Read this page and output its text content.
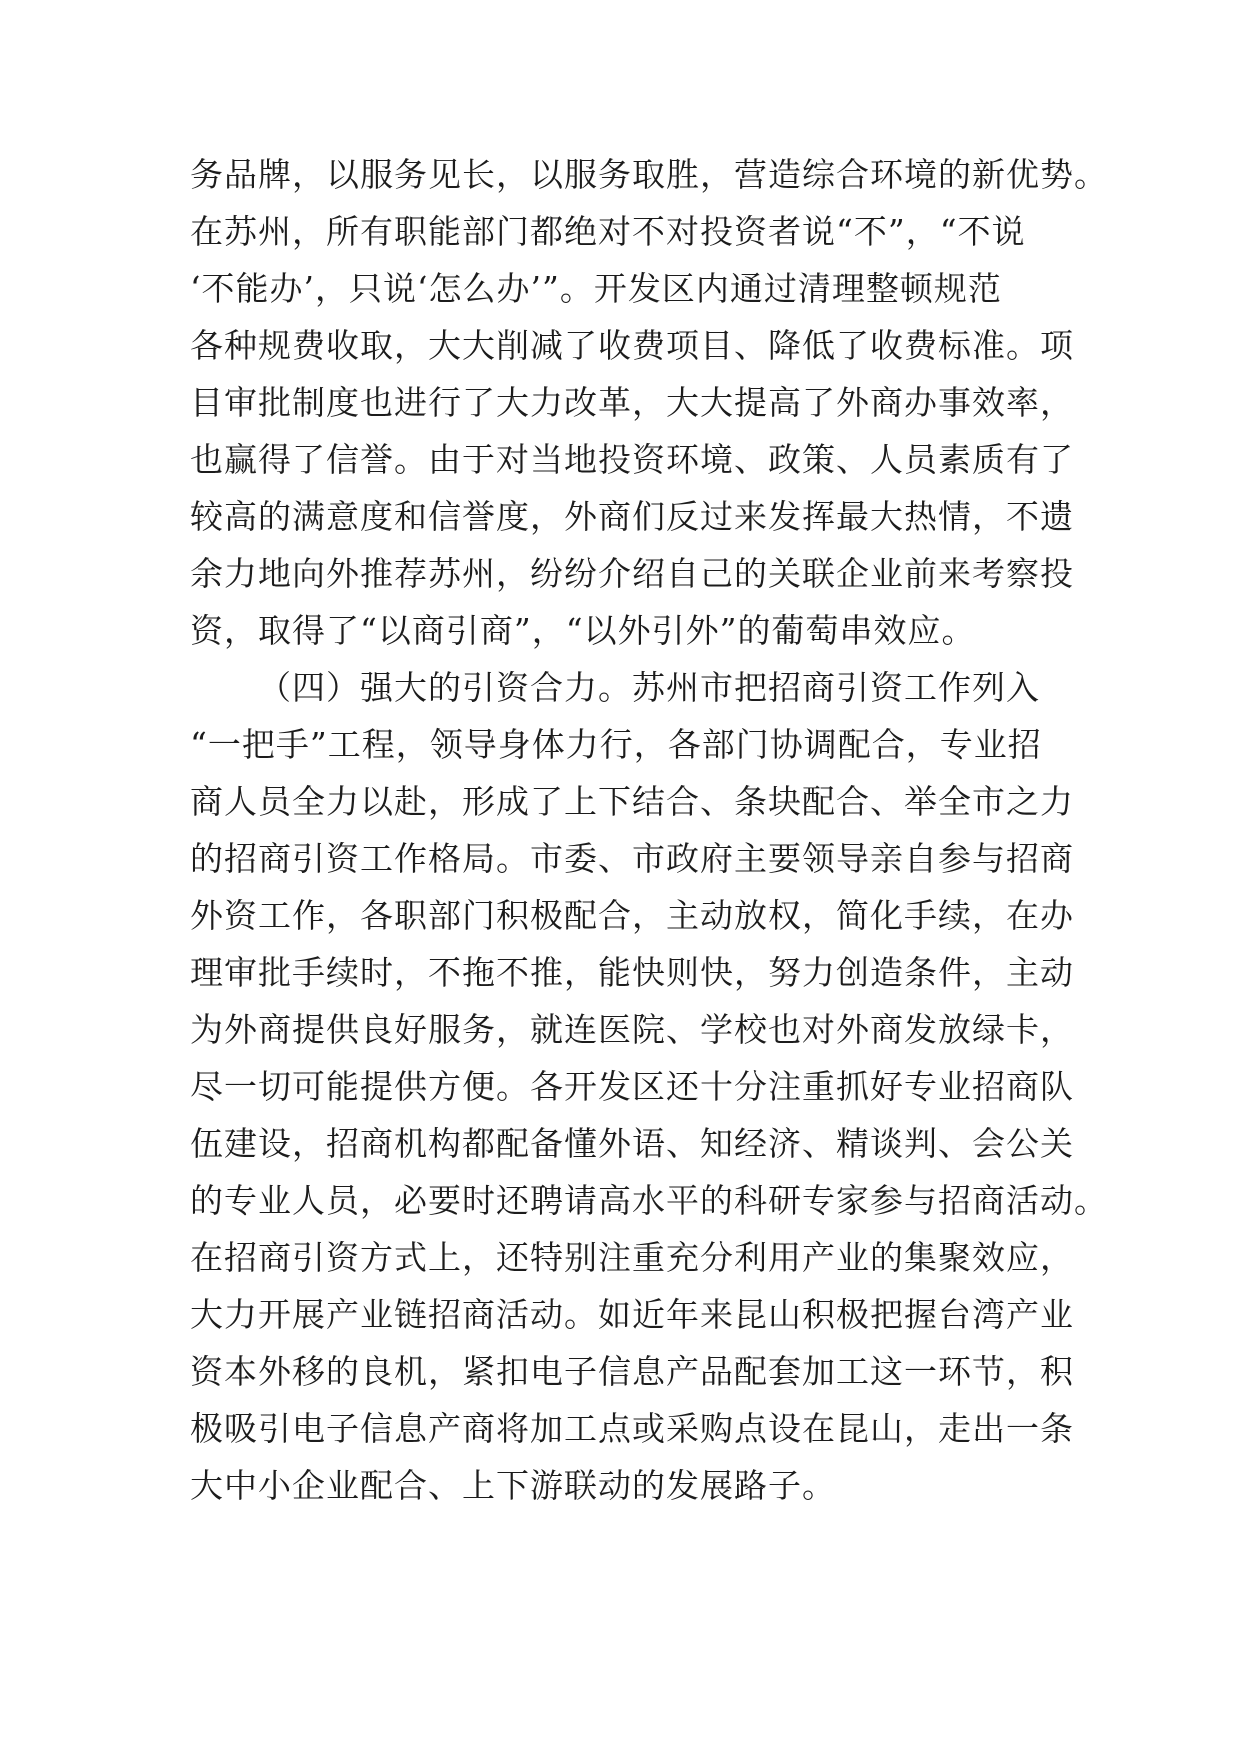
务品牌，以服务见长，以服务取胜，营造综合环境的新优势。
在苏州，所有职能部门都绝对不对投资者说“不”，“不说
‘不能办’，只说‘怎么办’”。开发区内通过清理整顿规范
各种规费收取，大大削减了收费项目、降低了收费标准。项
目审批制度也进行了大力改革，大大提高了外商办事效率，
也赢得了信誉。由于对当地投资环境、政策、人员素质有了
较高的满意度和信誉度，外商们反过来发挥最大热情，不遗
余力地向外推荐苏州，纷纷介绍自己的关联企业前来考察投
资，取得了“以商引商”，“以外引外”的葡萄串效应。
（四）强大的引资合力。苏州市把招商引资工作列入
“一把手”工程，领导身体力行，各部门协调配合，专业招
商人员全力以赴，形成了上下结合、条块配合、举全市之力
的招商引资工作格局。市委、市政府主要领导亲自参与招商
外资工作，各职部门积极配合，主动放权，简化手续，在办
理审批手续时，不拖不推，能快则快，努力创造条件，主动
为外商提供良好服务，就连医院、学校也对外商发放绿卡，
尽一切可能提供方便。各开发区还十分注重抓好专业招商队
伍建设，招商机构都配备懂外语、知经济、精谈判、会公关
的专业人员，必要时还聘请高水平的科研专家参与招商活动。
在招商引资方式上，还特别注重充分利用产业的集聚效应，
大力开展产业链招商活动。如近年来昆山积极把握台湾产业
资本外移的良机，紧扣电子信息产品配套加工这一环节，积
极吸引电子信息产商将加工点或采购点设在昆山，走出一条
大中小企业配合、上下游联动的发展路子。
